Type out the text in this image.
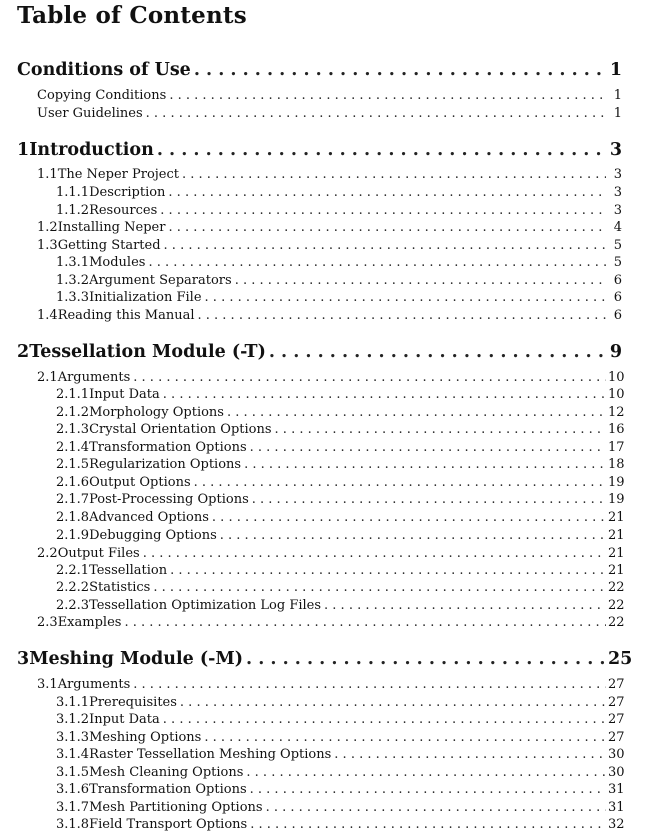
Table of Contents
Conditions of Use . . .	1
Copying Conditions . . .	1
User Guidelines . . .	1
1 Introduction . . .	3
1.1 The Neper Project . . .	3
1.1.1 Description . . .	3
1.1.2 Resources . . .	3
1.2 Installing Neper . . .	4
1.3 Getting Started . . .	5
1.3.1 Modules . . .	5
1.3.2 Argument Separators . . .	6
1.3.3 Initialization File . . .	6
1.4 Reading this Manual . . .	6
2 Tessellation Module (-T) . . .	9
2.1 Arguments . . .	10
2.1.1 Input Data . . .	10
2.1.2 Morphology Options . . .	12
2.1.3 Crystal Orientation Options . . .	16
2.1.4 Transformation Options . . .	17
2.1.5 Regularization Options . . .	18
2.1.6 Output Options . . .	19
2.1.7 Post-Processing Options . . .	19
2.1.8 Advanced Options . . .	21
2.1.9 Debugging Options . . .	21
2.2 Output Files . . .	21
2.2.1 Tessellation . . .	21
2.2.2 Statistics . . .	22
2.2.3 Tessellation Optimization Log Files . . .	22
2.3 Examples . . .	22
3 Meshing Module (-M) . . .	25
3.1 Arguments . . .	27
3.1.1 Prerequisites . . .	27
3.1.2 Input Data . . .	27
3.1.3 Meshing Options . . .	27
3.1.4 Raster Tessellation Meshing Options . . .	30
3.1.5 Mesh Cleaning Options . . .	30
3.1.6 Transformation Options . . .	31
3.1.7 Mesh Partitioning Options . . .	31
3.1.8 Field Transport Options . . .	32
